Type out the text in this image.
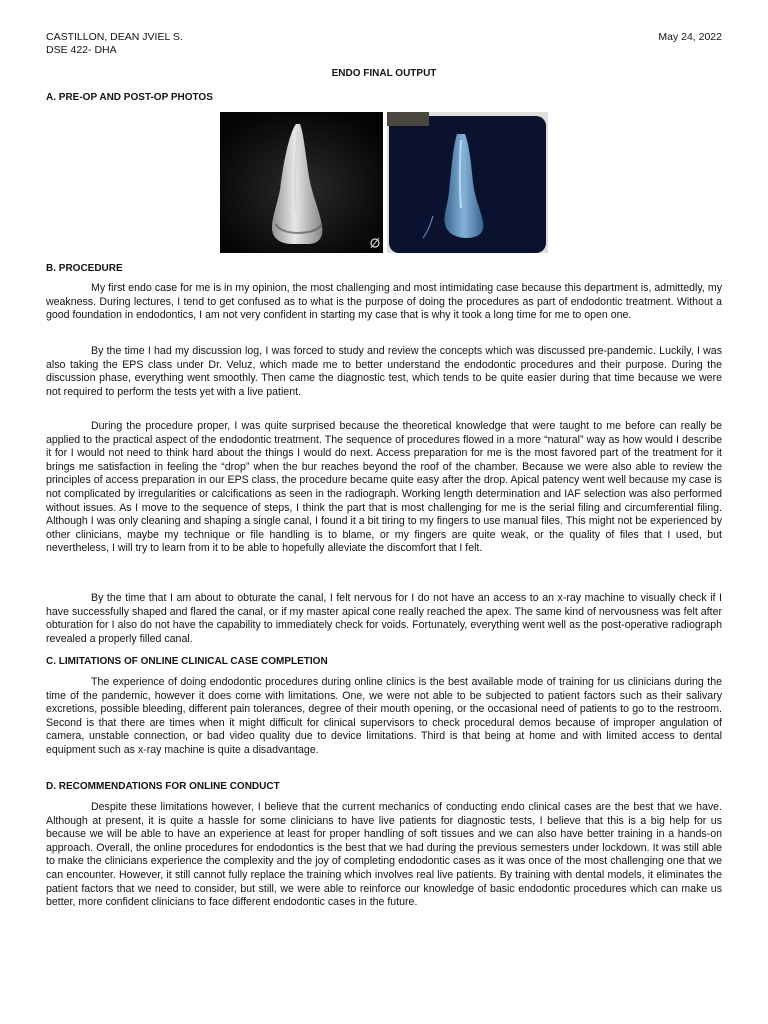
CASTILLON, DEAN JVIEL S.
DSE 422- DHA
May 24, 2022
ENDO FINAL OUTPUT
A. PRE-OP AND POST-OP PHOTOS
B. PROCEDURE

My first endo case for me is in my opinion, the most challenging and most intimidating case because this department is, admittedly, my weakness. During lectures, I tend to get confused as to what is the purpose of doing the procedures as part of endodontic treatment. Without a good foundation in endodontics, I am not very confident in starting my case that is why it took a long time for me to open one.

By the time I had my discussion log, I was forced to study and review the concepts which was discussed pre-pandemic. Luckily, I was also taking the EPS class under Dr. Veluz, which made me to better understand the endodontic procedures and their purpose. During the discussion phase, everything went smoothly. Then came the diagnostic test, which tends to be quite easier during that time because we were not required to perform the tests yet with a live patient.

During the procedure proper, I was quite surprised because the theoretical knowledge that were taught to me before can really be applied to the practical aspect of the endodontic treatment. The sequence of procedures flowed in a more “natural” way as how would I describe it for I would not need to think hard about the things I would do next. Access preparation for me is the most favored part of the treatment for it brings me satisfaction in feeling the “drop” when the bur reaches beyond the roof of the chamber. Because we were also able to review the principles of access preparation in our EPS class, the procedure became quite easy after the drop. Apical patency went well because my case is not complicated by irregularities or calcifications as seen in the radiograph. Working length determination and IAF selection was also performed without issues. As I move to the sequence of steps, I think the part that is most challenging for me is the serial filing and circumferential filing. Although I was only cleaning and shaping a single canal, I found it a bit tiring to my fingers to use manual files. This might not be experienced by other clinicians, maybe my technique or file handling is to blame, or my fingers are quite weak, or the quality of files that I used, but nevertheless, I will try to learn from it to be able to hopefully alleviate the discomfort that I felt.

By the time that I am about to obturate the canal, I felt nervous for I do not have an access to an x-ray machine to visually check if I have successfully shaped and flared the canal, or if my master apical cone really reached the apex. The same kind of nervousness was felt after obturation for I also do not have the capability to immediately check for voids. Fortunately, everything went well as the post-operative radiograph revealed a properly filled canal.

C. LIMITATIONS OF ONLINE CLINICAL CASE COMPLETION

The experience of doing endodontic procedures during online clinics is the best available mode of training for us clinicians during the time of the pandemic, however it does come with limitations. One, we were not able to be subjected to patient factors such as their salivary excretions, possible bleeding, different pain tolerances, degree of their mouth opening, or the occasional need of patients to go to the restroom. Second is that there are times when it might difficult for clinical supervisors to check procedural demos because of improper angulation of camera, unstable connection, or bad video quality due to device limitations. Third is that being at home and with limited access to dental equipment such as x-ray machine is quite a disadvantage.

D. RECOMMENDATIONS FOR ONLINE CONDUCT

Despite these limitations however, I believe that the current mechanics of conducting endo clinical cases are the best that we have. Although at present, it is quite a hassle for some clinicians to have live patients for diagnostic tests, I believe that this is a big help for us because we will be able to have an experience at least for proper handling of soft tissues and we can also have better training in a hands-on approach. Overall, the online procedures for endodontics is the best that we had during the previous semesters under lockdown. It was still able to make the clinicians experience the complexity and the joy of completing endodontic cases as it was once of the most challenging one that we can encounter. However, it still cannot fully replace the training which involves real live patients. By training with dental models, it eliminates the patient factors that we need to consider, but still, we were able to reinforce our knowledge of basic endodontic procedures which can make us better, more confident clinicians to face different endodontic cases in the future.
